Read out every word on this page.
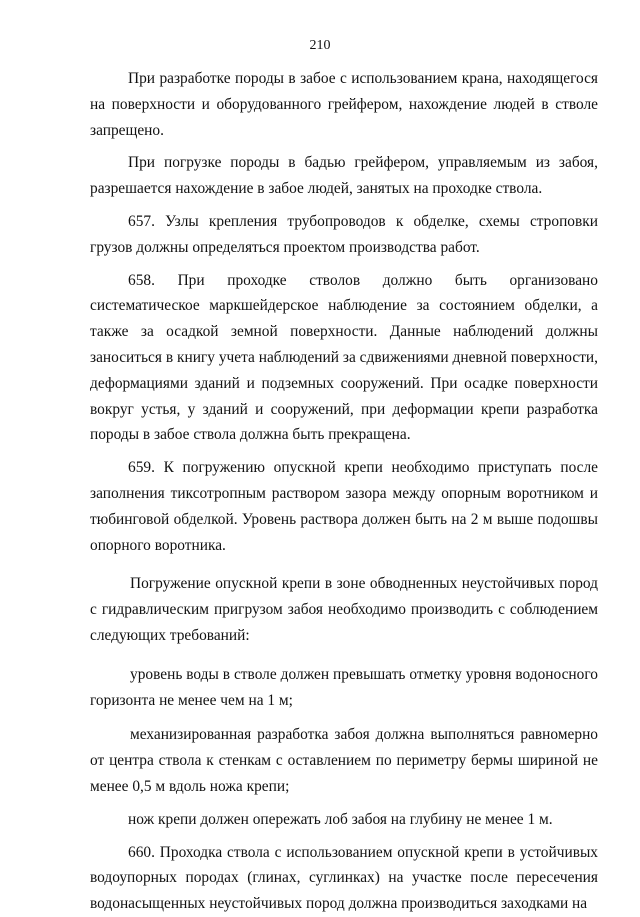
210

При разработке породы в забое с использованием крана, находящегося на поверхности и оборудованного грейфером, нахождение людей в стволе запрещено.

При погрузке породы в бадью грейфером, управляемым из забоя, разрешается нахождение в забое людей, занятых на проходке ствола.

657. Узлы крепления трубопроводов к обделке, схемы строповки грузов должны определяться проектом производства работ.

658. При проходке стволов должно быть организовано систематическое маркшейдерское наблюдение за состоянием обделки, а также за осадкой земной поверхности. Данные наблюдений должны заноситься в книгу учета наблюдений за сдвижениями дневной поверхности, деформациями зданий и подземных сооружений. При осадке поверхности вокруг устья, у зданий и сооружений, при деформации крепи разработка породы в забое ствола должна быть прекращена.

659. К погружению опускной крепи необходимо приступать после заполнения тиксотропным раствором зазора между опорным воротником и тюбинговой обделкой. Уровень раствора должен быть на 2 м выше подошвы опорного воротника.

Погружение опускной крепи в зоне обводненных неустойчивых пород с гидравлическим пригрузом забоя необходимо производить с соблюдением следующих требований:

уровень воды в стволе должен превышать отметку уровня водоносного горизонта не менее чем на 1 м;

механизированная разработка забоя должна выполняться равномерно от центра ствола к стенкам с оставлением по периметру бермы шириной не менее 0,5 м вдоль ножа крепи;

нож крепи должен опережать лоб забоя на глубину не менее 1 м.

660. Проходка ствола с использованием опускной крепи в устойчивых водоупорных породах (глинах, суглинках) на участке после пересечения водонасыщенных неустойчивых пород должна производиться заходками на
